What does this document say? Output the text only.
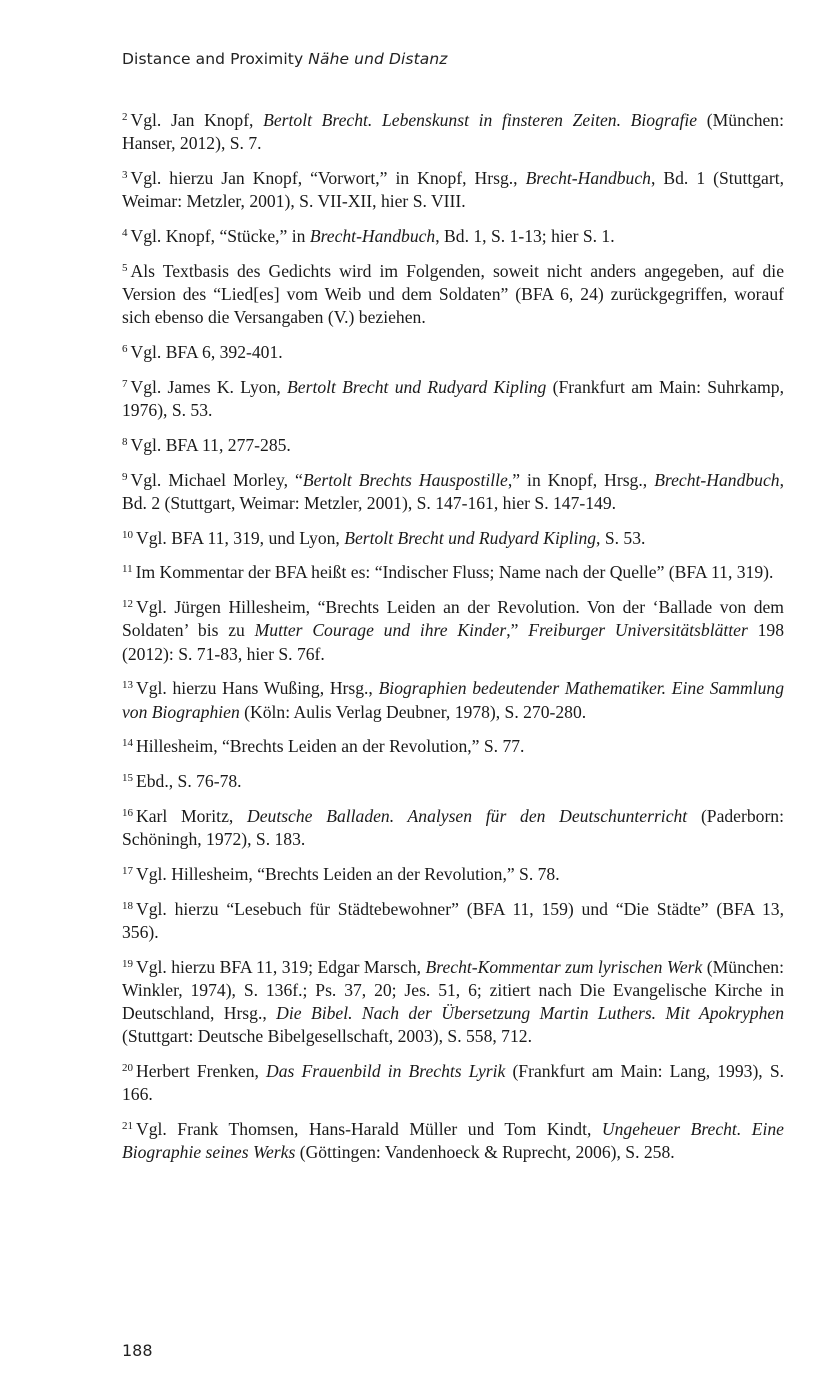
Distance and Proximity Nähe und Distanz

$^2$ Vgl. Jan Knopf, Bertolt Brecht. Lebenskunst in finsteren Zeiten. Biografie (München: Hanser, 2012), S. 7.

$^3$ Vgl. hierzu Jan Knopf, “Vorwort,” in Knopf, Hrsg., Brecht-Handbuch, Bd. 1 (Stuttgart, Weimar: Metzler, 2001), S. VII-XII, hier S. VIII.

$^4$ Vgl. Knopf, “Stücke,” in Brecht-Handbuch, Bd. 1, S. 1-13; hier S. 1.

$^5$ Als Textbasis des Gedichts wird im Folgenden, soweit nicht anders angegeben, auf die Version des “Lied[es] vom Weib und dem Soldaten” (BFA 6, 24) zurückgegriffen, worauf sich ebenso die Versangaben (V.) beziehen.

$^6$ Vgl. BFA 6, 392-401.

$^7$ Vgl. James K. Lyon, Bertolt Brecht und Rudyard Kipling (Frankfurt am Main: Suhrkamp, 1976), S. 53.

$^8$ Vgl. BFA 11, 277-285.

$^9$ Vgl. Michael Morley, “Bertolt Brechts Hauspostille,” in Knopf, Hrsg., Brecht-Handbuch, Bd. 2 (Stuttgart, Weimar: Metzler, 2001), S. 147-161, hier S. 147-149.

$^{10}$ Vgl. BFA 11, 319, und Lyon, Bertolt Brecht und Rudyard Kipling, S. 53.

$^{11}$ Im Kommentar der BFA heißt es: “Indischer Fluss; Name nach der Quelle” (BFA 11, 319).

$^{12}$ Vgl. Jürgen Hillesheim, “Brechts Leiden an der Revolution. Von der ‘Ballade von dem Soldaten’ bis zu Mutter Courage und ihre Kinder,” Freiburger Universitätsblätter 198 (2012): S. 71-83, hier S. 76f.

$^{13}$ Vgl. hierzu Hans Wußing, Hrsg., Biographien bedeutender Mathematiker. Eine Sammlung von Biographien (Köln: Aulis Verlag Deubner, 1978), S. 270-280.

$^{14}$ Hillesheim, “Brechts Leiden an der Revolution,” S. 77.

$^{15}$ Ebd., S. 76-78.

$^{16}$ Karl Moritz, Deutsche Balladen. Analysen für den Deutschunterricht (Paderborn: Schöningh, 1972), S. 183.

$^{17}$ Vgl. Hillesheim, “Brechts Leiden an der Revolution,” S. 78.

$^{18}$ Vgl. hierzu “Lesebuch für Städtebewohner” (BFA 11, 159) und “Die Städte” (BFA 13, 356).

$^{19}$ Vgl. hierzu BFA 11, 319; Edgar Marsch, Brecht-Kommentar zum lyrischen Werk (München: Winkler, 1974), S. 136f.; Ps. 37, 20; Jes. 51, 6; zitiert nach Die Evangelische Kirche in Deutschland, Hrsg., Die Bibel. Nach der Übersetzung Martin Luthers. Mit Apokryphen (Stuttgart: Deutsche Bibelgesellschaft, 2003), S. 558, 712.

$^{20}$ Herbert Frenken, Das Frauenbild in Brechts Lyrik (Frankfurt am Main: Lang, 1993), S. 166.

$^{21}$ Vgl. Frank Thomsen, Hans-Harald Müller und Tom Kindt, Ungeheuer Brecht. Eine Biographie seines Werks (Göttingen: Vandenhoeck & Ruprecht, 2006), S. 258.

188
